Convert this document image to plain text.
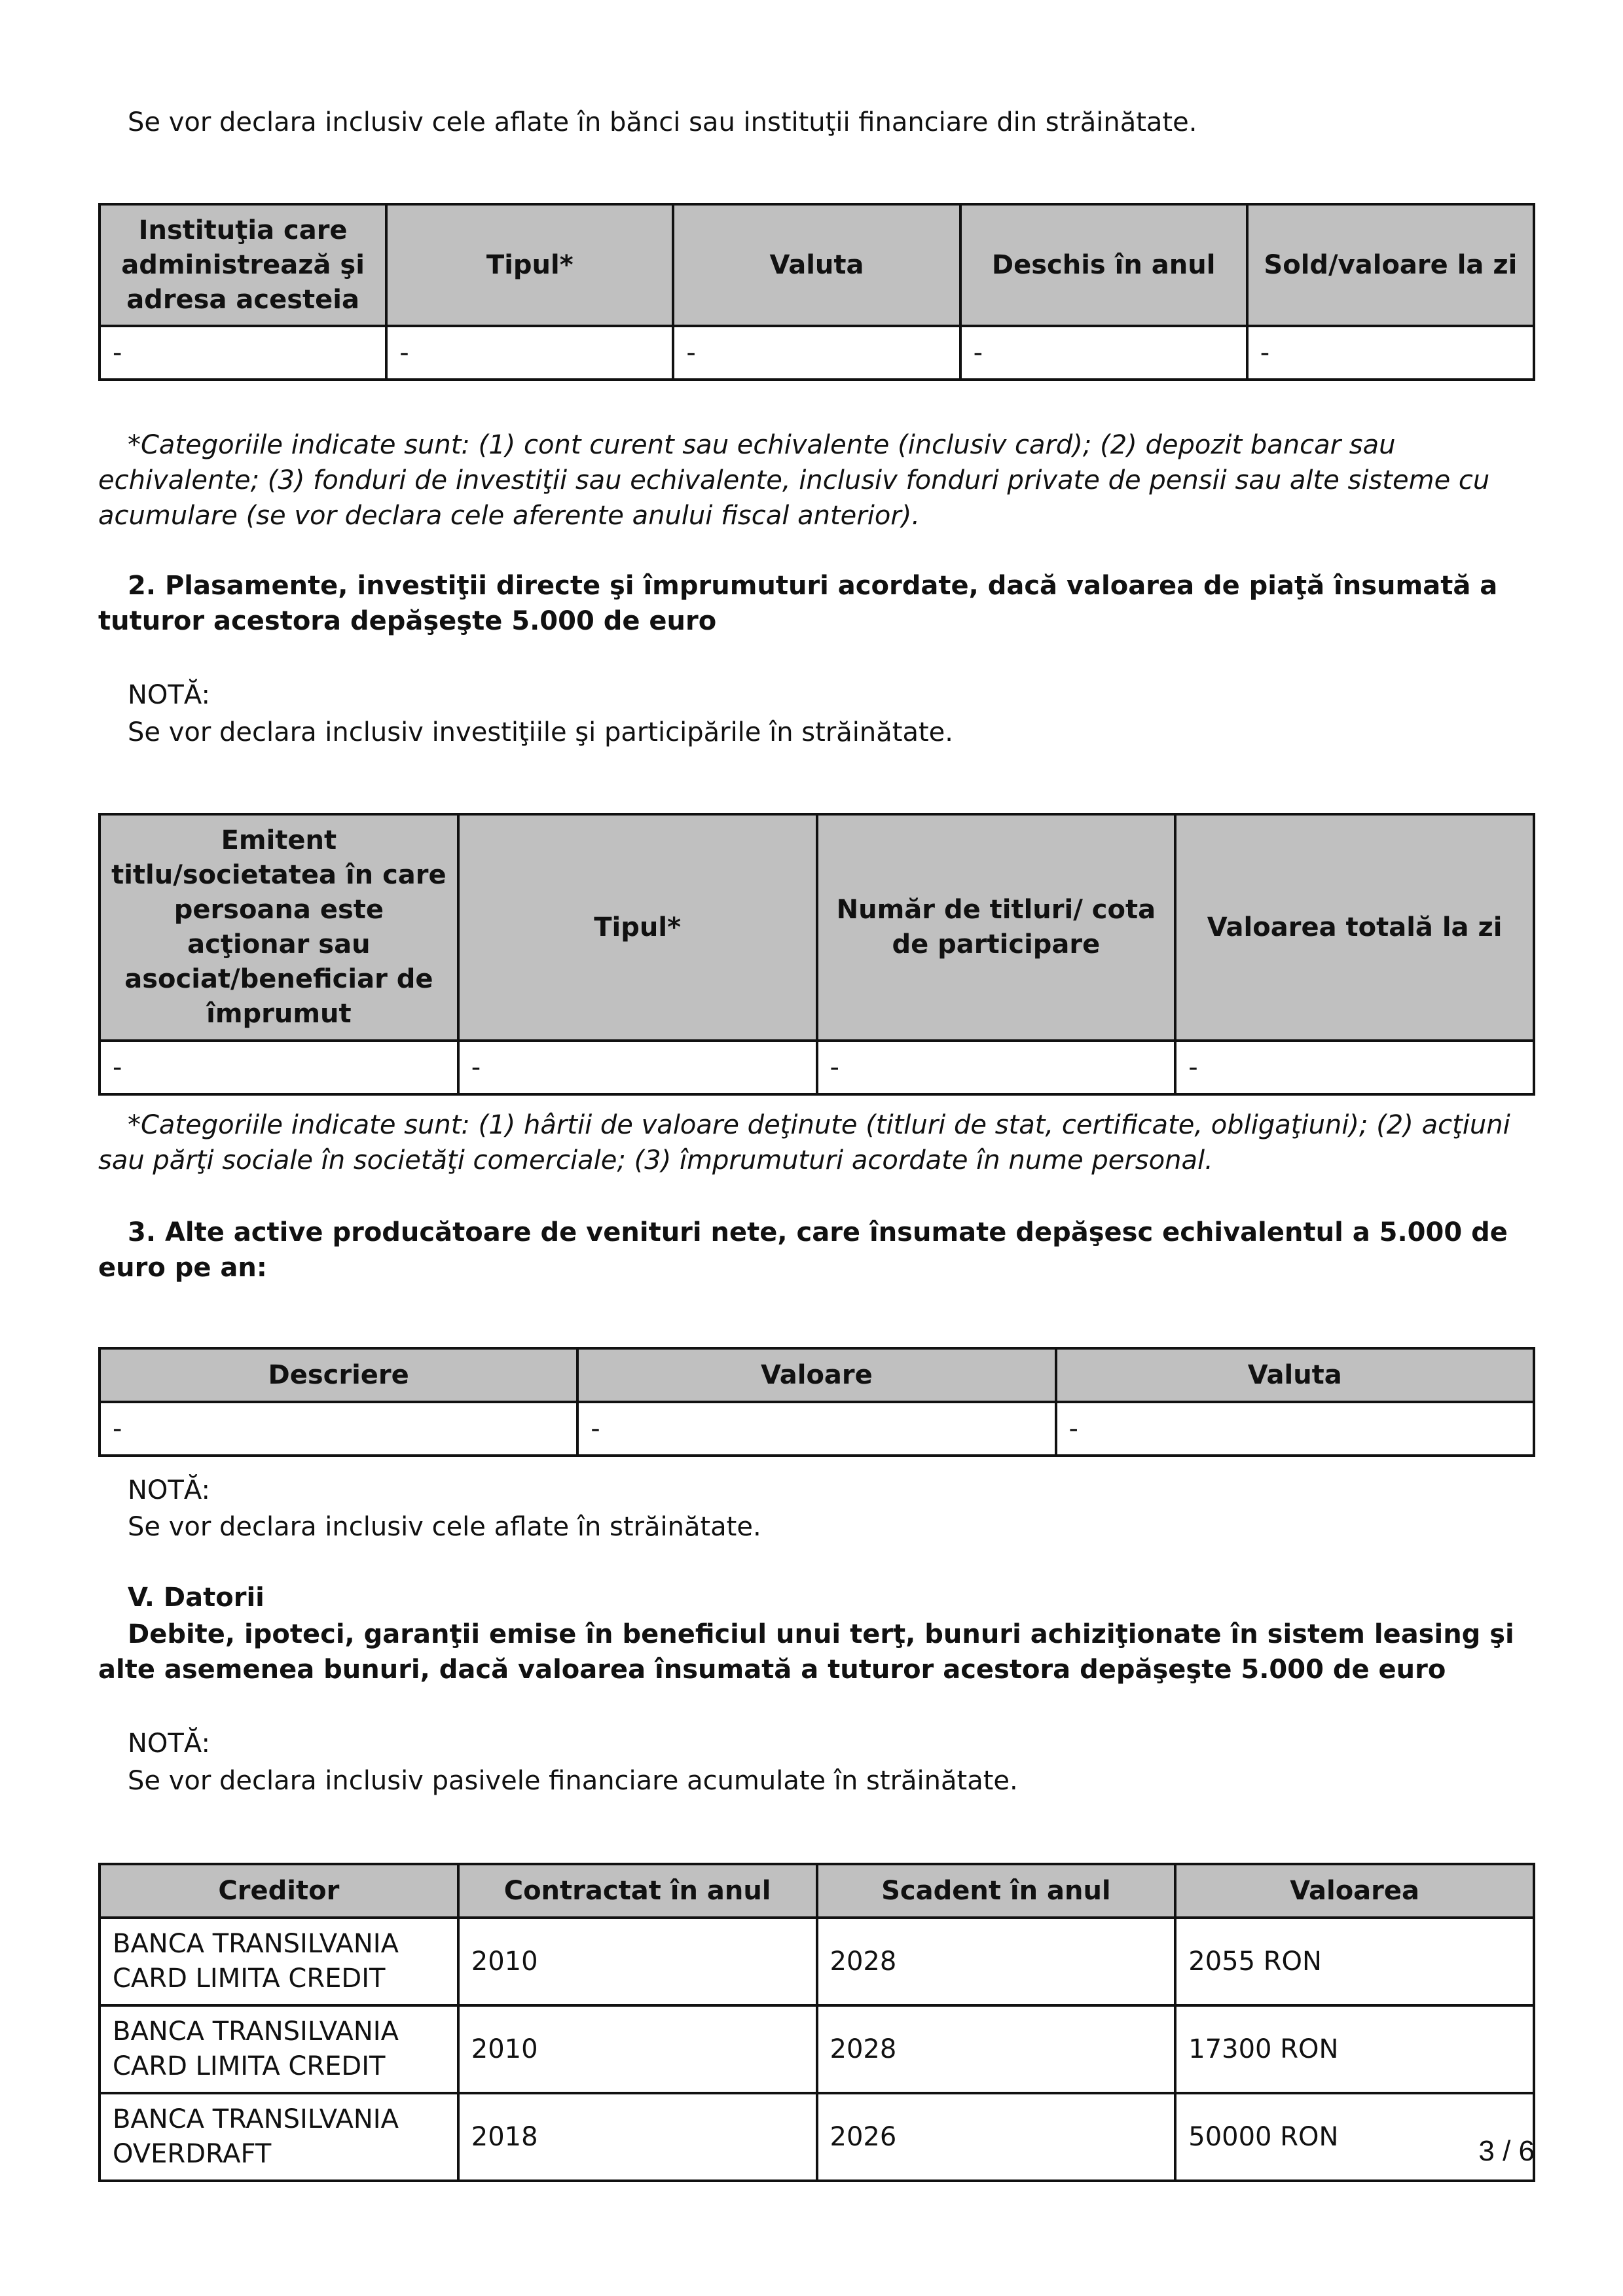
Se vor declara inclusiv cele aflate în bănci sau instituţii financiare din străinătate.

Instituţia care administrează şi adresa acesteia	Tipul*	Valuta	Deschis în anul	Sold/valoare la zi
-	-	-	-	-

*Categoriile indicate sunt: (1) cont curent sau echivalente (inclusiv card); (2) depozit bancar sau echivalente; (3) fonduri de investiţii sau echivalente, inclusiv fonduri private de pensii sau alte sisteme cu acumulare (se vor declara cele aferente anului fiscal anterior).

2. Plasamente, investiţii directe şi împrumuturi acordate, dacă valoarea de piaţă însumată a tuturor acestora depăşeşte 5.000 de euro

NOTĂ:

Se vor declara inclusiv investiţiile şi participările în străinătate.

Emitent titlu/societatea în care persoana este acţionar sau asociat/beneficiar de împrumut	Tipul*	Număr de titluri/ cota de participare	Valoarea totală la zi
-	-	-	-

*Categoriile indicate sunt: (1) hârtii de valoare deţinute (titluri de stat, certificate, obligaţiuni); (2) acţiuni sau părţi sociale în societăţi comerciale; (3) împrumuturi acordate în nume personal.

3. Alte active producătoare de venituri nete, care însumate depăşesc echivalentul a 5.000 de euro pe an:

Descriere	Valoare	Valuta
-	-	-

NOTĂ:

Se vor declara inclusiv cele aflate în străinătate.

V. Datorii

Debite, ipoteci, garanţii emise în beneficiul unui terţ, bunuri achiziţionate în sistem leasing şi alte asemenea bunuri, dacă valoarea însumată a tuturor acestora depăşeşte 5.000 de euro

NOTĂ:

Se vor declara inclusiv pasivele financiare acumulate în străinătate.

Creditor	Contractat în anul	Scadent în anul	Valoarea
BANCA TRANSILVANIA CARD LIMITA CREDIT	2010	2028	2055 RON
BANCA TRANSILVANIA CARD LIMITA CREDIT	2010	2028	17300 RON
BANCA TRANSILVANIA OVERDRAFT	2018	2026	50000 RON	3 / 6
